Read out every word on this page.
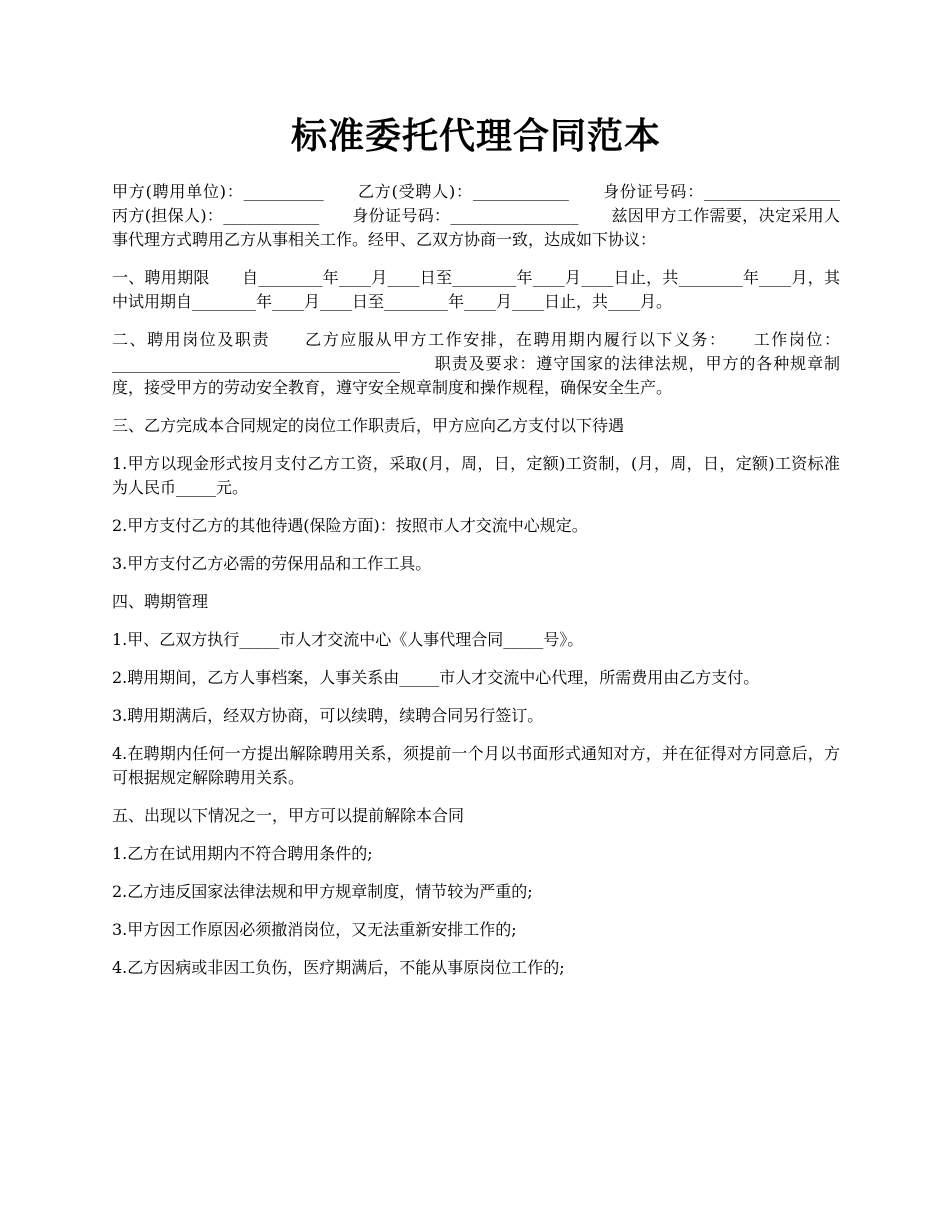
标准委托代理合同范本

甲方(聘用单位)：__________　　乙方(受聘人)：____________　　身份证号码：_________________　　丙方(担保人)：____________　　身份证号码：________________　　兹因甲方工作需要，决定采用人事代理方式聘用乙方从事相关工作。经甲、乙双方协商一致，达成如下协议：

一、聘用期限　　自________年____月____日至________年____月____日止，共________年____月，其中试用期自________年____月____日至________年____月____日止，共____月。

二、聘用岗位及职责　　乙方应服从甲方工作安排，在聘用期内履行以下义务：　　工作岗位：____________________________________　　职责及要求：遵守国家的法律法规，甲方的各种规章制度，接受甲方的劳动安全教育，遵守安全规章制度和操作规程，确保安全生产。

三、乙方完成本合同规定的岗位工作职责后，甲方应向乙方支付以下待遇

1.甲方以现金形式按月支付乙方工资，采取(月，周，日，定额)工资制，(月，周，日，定额)工资标准为人民币_____元。

2.甲方支付乙方的其他待遇(保险方面)：按照市人才交流中心规定。

3.甲方支付乙方必需的劳保用品和工作工具。

四、聘期管理

1.甲、乙双方执行_____市人才交流中心《人事代理合同_____号》。

2.聘用期间，乙方人事档案，人事关系由_____市人才交流中心代理，所需费用由乙方支付。

3.聘用期满后，经双方协商，可以续聘，续聘合同另行签订。

4.在聘期内任何一方提出解除聘用关系，须提前一个月以书面形式通知对方，并在征得对方同意后，方可根据规定解除聘用关系。

五、出现以下情况之一，甲方可以提前解除本合同

1.乙方在试用期内不符合聘用条件的;

2.乙方违反国家法律法规和甲方规章制度，情节较为严重的;

3.甲方因工作原因必须撤消岗位，又无法重新安排工作的;

4.乙方因病或非因工负伤，医疗期满后，不能从事原岗位工作的;
